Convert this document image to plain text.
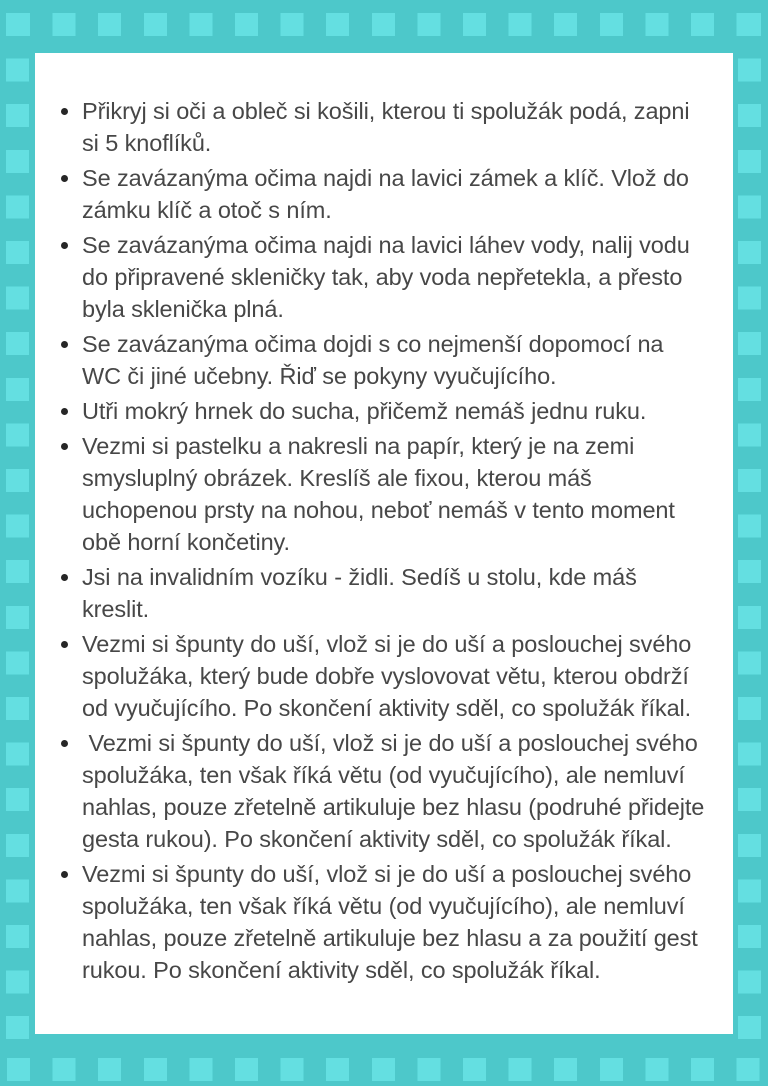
• Přikryj si oči a obleč si košili, kterou ti spolužák podá, zapni si 5 knoflíků.
• Se zavázanýma očima najdi na lavici zámek a klíč. Vlož do zámku klíč a otoč s ním.
• Se zavázanýma očima najdi na lavici láhev vody, nalij vodu do připravené skleničky tak, aby voda nepřetekla, a přesto byla sklenička plná.
• Se zavázanýma očima dojdi s co nejmenší dopomocí na WC či jiné učebny. Řiď se pokyny vyučujícího.
• Utři mokrý hrnek do sucha, přičemž nemáš jednu ruku.
• Vezmi si pastelku a nakresli na papír, který je na zemi smysluplný obrázek. Kreslíš ale fixou, kterou máš uchopenou prsty na nohou, neboť nemáš v tento moment obě horní končetiny.
• Jsi na invalidním vozíku - židli. Sedíš u stolu, kde máš kreslit.
• Vezmi si špunty do uší, vlož si je do uší a poslouchej svého spolužáka, který bude dobře vyslovovat větu, kterou obdrží od vyučujícího. Po skončení aktivity sděl, co spolužák říkal.
•  Vezmi si špunty do uší, vlož si je do uší a poslouchej svého spolužáka, ten však říká větu (od vyučujícího), ale nemluví nahlas, pouze zřetelně artikuluje bez hlasu (podruhé přidejte gesta rukou). Po skončení aktivity sděl, co spolužák říkal.
• Vezmi si špunty do uší, vlož si je do uší a poslouchej svého spolužáka, ten však říká větu (od vyučujícího), ale nemluví nahlas, pouze zřetelně artikuluje bez hlasu a za použití gest rukou. Po skončení aktivity sděl, co spolužák říkal.
